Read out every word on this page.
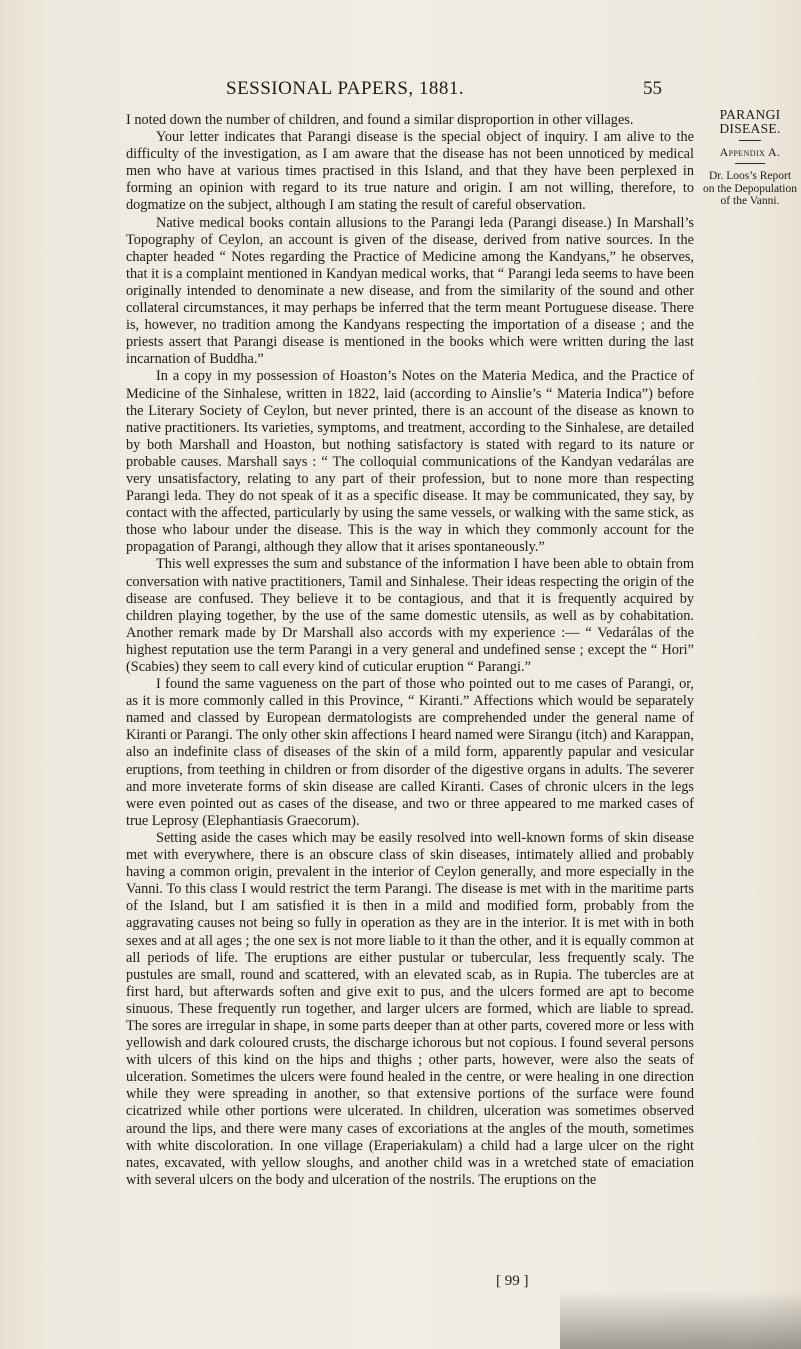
SESSIONAL PAPERS, 1881.	55
PARANGI
DISEASE.
Appendix A.
Dr. Loos’s Report
on the Depopulation
of the Vanni.

I noted down the number of children, and found a similar disproportion in other villages.

Your letter indicates that Parangi disease is the special object of inquiry. I am alive to the difficulty of the investigation, as I am aware that the disease has not been unnoticed by medical men who have at various times practised in this Island, and that they have been perplexed in forming an opinion with regard to its true nature and origin. I am not willing, therefore, to dogmatize on the subject, although I am stating the result of careful observation.

Native medical books contain allusions to the Parangi leda (Parangi disease.) In Marshall’s Topography of Ceylon, an account is given of the disease, derived from native sources. In the chapter headed “ Notes regarding the Practice of Medicine among the Kandyans,” he observes, that it is a complaint mentioned in Kandyan medical works, that “ Parangi leda seems to have been originally intended to denominate a new disease, and from the similarity of the sound and other collateral circumstances, it may perhaps be inferred that the term meant Portuguese disease. There is, however, no tradition among the Kandyans respecting the importation of a disease ; and the priests assert that Parangi disease is mentioned in the books which were written during the last incarnation of Buddha.”

In a copy in my possession of Hoaston’s Notes on the Materia Medica, and the Practice of Medicine of the Sinhalese, written in 1822, laid (according to Ainslie’s “ Materia Indica”) before the Literary Society of Ceylon, but never printed, there is an account of the disease as known to native practitioners. Its varieties, symptoms, and treatment, according to the Sinhalese, are detailed by both Marshall and Hoaston, but nothing satisfactory is stated with regard to its nature or probable causes. Marshall says : “ The colloquial communications of the Kandyan vedarálas are very unsatisfactory, relating to any part of their profession, but to none more than respecting Parangi leda. They do not speak of it as a specific disease. It may be communicated, they say, by contact with the affected, particularly by using the same vessels, or walking with the same stick, as those who labour under the disease. This is the way in which they commonly account for the propagation of Parangi, although they allow that it arises spontaneously.”

This well expresses the sum and substance of the information I have been able to obtain from conversation with native practitioners, Tamil and Sinhalese. Their ideas respecting the origin of the disease are confused. They believe it to be contagious, and that it is frequently acquired by children playing together, by the use of the same domestic utensils, as well as by cohabitation. Another remark made by Dr Marshall also accords with my experience :— “ Vedarálas of the highest reputation use the term Parangi in a very general and undefined sense ; except the “ Hori” (Scabies) they seem to call every kind of cuticular eruption “ Parangi.”

I found the same vagueness on the part of those who pointed out to me cases of Parangi, or, as it is more commonly called in this Province, “ Kiranti.” Affections which would be separately named and classed by European dermatologists are comprehended under the general name of Kiranti or Parangi. The only other skin affections I heard named were Sirangu (itch) and Karappan, also an indefinite class of diseases of the skin of a mild form, apparently papular and vesicular eruptions, from teething in children or from disorder of the digestive organs in adults. The severer and more inveterate forms of skin disease are called Kiranti. Cases of chronic ulcers in the legs were even pointed out as cases of the disease, and two or three appeared to me marked cases of true Leprosy (Elephantiasis Graecorum).

Setting aside the cases which may be easily resolved into well-known forms of skin disease met with everywhere, there is an obscure class of skin diseases, intimately allied and probably having a common origin, prevalent in the interior of Ceylon generally, and more especially in the Vanni. To this class I would restrict the term Parangi. The disease is met with in the maritime parts of the Island, but I am satisfied it is then in a mild and modified form, probably from the aggravating causes not being so fully in operation as they are in the interior. It is met with in both sexes and at all ages ; the one sex is not more liable to it than the other, and it is equally common at all periods of life. The eruptions are either pustular or tubercular, less frequently scaly. The pustules are small, round and scattered, with an elevated scab, as in Rupia. The tubercles are at first hard, but afterwards soften and give exit to pus, and the ulcers formed are apt to become sinuous. These frequently run together, and larger ulcers are formed, which are liable to spread. The sores are irregular in shape, in some parts deeper than at other parts, covered more or less with yellowish and dark coloured crusts, the discharge ichorous but not copious. I found several persons with ulcers of this kind on the hips and thighs ; other parts, however, were also the seats of ulceration. Sometimes the ulcers were found healed in the centre, or were healing in one direction while they were spreading in another, so that extensive portions of the surface were found cicatrized while other portions were ulcerated. In children, ulceration was sometimes observed around the lips, and there were many cases of excoriations at the angles of the mouth, sometimes with white discoloration. In one village (Eraperiakulam) a child had a large ulcer on the right nates, excavated, with yellow sloughs, and another child was in a wretched state of emaciation with several ulcers on the body and ulceration of the nostrils. The eruptions on the

[ 99 ]
